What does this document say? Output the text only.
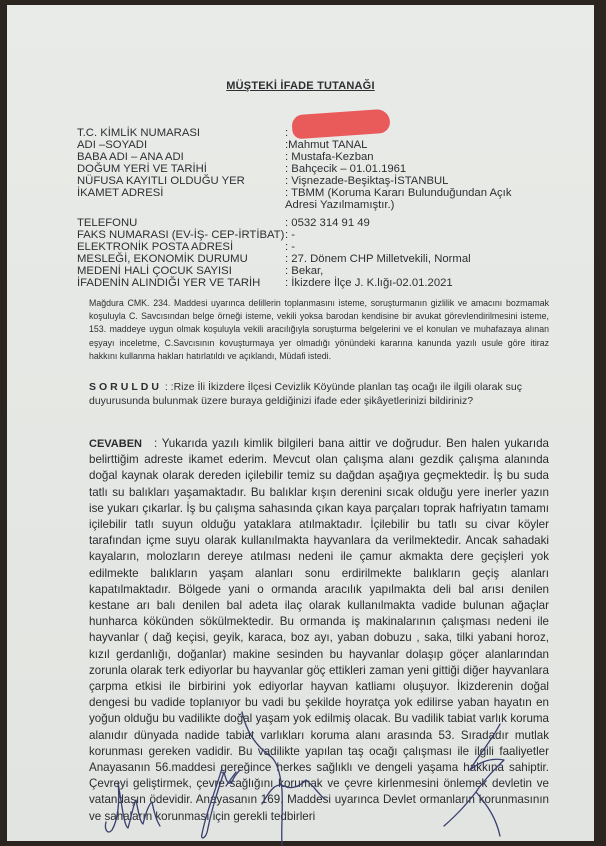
MÜŞTEKİ İFADE TUTANAĞI
T.C. KİMLİK NUMARASI
:
ADI –SOYADI	: Mahmut TANAL
BABA ADI – ANA ADI	: Mustafa-Kezban
DOĞUM YERİ VE TARİHİ	: Bahçecik – 01.01.1961
NÜFUSA KAYITLI OLDUĞU YER	: Vişnezade-Beşiktaş-İSTANBUL
İKAMET ADRESİ	: TBMM (Koruma Kararı Bulunduğundan Açık
Adresi Yazılmamıştır.)
TELEFONU	: 0532 314 91 49
FAKS NUMARASI (EV-İŞ- CEP-İRTİBAT) : -
ELEKTRONİK POSTA ADRESİ	: -
MESLEĞİ, EKONOMİK DURUMU	: 27. Dönem CHP Milletvekili, Normal
MEDENİ HALİ ÇOCUK SAYISI	: Bekar,
İFADENİN ALINDIĞI YER VE TARİH	: İkizdere İlçe J. K.lığı-02.01.2021
Mağdura CMK. 234. Maddesi uyarınca delillerin toplanmasını isteme, soruşturmanın gizlilik ve amacını bozmamak koşuluyla C. Savcısından belge örneği isteme, vekili yoksa barodan kendisine bir avukat görevlendirilmesini isteme, 153. maddeye uygun olmak koşuluyla vekili aracılığıyla soruşturma belgelerini ve el konulan ve muhafazaya alınan eşyayı inceletme, C.Savcısının kovuşturmaya yer olmadığı yönündeki kararına kanunda yazılı usule göre itiraz hakkını kullanma hakları hatırlatıldı ve açıklandı, Müdafi istedi.
SORULDU : :Rize İli İkizdere İlçesi Cevizlik Köyünde planlan taş ocağı ile ilgili olarak suç duyurusunda bulunmak üzere buraya geldiğinizi ifade eder şikâyetlerinizi bildiriniz?
CEVABEN : Yukarıda yazılı kimlik bilgileri bana aittir ve doğrudur. Ben halen yukarıda belirttiğim adreste ikamet ederim. Mevcut olan çalışma alanı gezdik çalışma alanında doğal kaynak olarak dereden içilebilir temiz su dağdan aşağıya geçmektedir. İş bu suda tatlı su balıkları yaşamaktadır. Bu balıklar kışın derenini sıcak olduğu yere inerler yazın ise yukarı çıkarlar. İş bu çalışma sahasında çıkan kaya parçaları toprak hafriyatın tamamı içilebilir tatlı suyun olduğu yataklara atılmaktadır. İçilebilir bu tatlı su civar köyler tarafından içme suyu olarak kullanılmakta hayvanlara da verilmektedir. Ancak sahadaki kayaların, molozların dereye atılması nedeni ile çamur akmakta dere geçişleri yok edilmekte balıkların yaşam alanları sonu erdirilmekte balıkların geçiş alanları kapatılmaktadır. Bölgede yani o ormanda aracılık yapılmakta deli bal arısı denilen kestane arı balı denilen bal adeta ilaç olarak kullanılmakta vadide bulunan ağaçlar hunharca kökünden sökülmektedir. Bu ormanda iş makinalarının çalışması nedeni ile hayvanlar ( dağ keçisi, geyik, karaca, boz ayı, yaban dobuzu , saka, tilki yabani horoz, kızıl gerdanlığı, doğanlar) makine sesinden bu hayvanlar dolaşıp göçer alanlarından zorunla olarak terk ediyorlar bu hayvanlar göç ettikleri zaman yeni gittiği diğer hayvanlara çarpma etkisi ile birbirini yok ediyorlar hayvan katliamı oluşuyor. İkizderenin doğal dengesi bu vadide toplanıyor bu vadi bu şekilde hoyratça yok edilirse yaban hayatın en yoğun olduğu bu vadilikte doğal yaşam yok edilmiş olacak. Bu vadilik tabiat varlık koruma alanıdır dünyada nadide tabiat varlıkları koruma alanı arasında 53. Sıradadır mutlak korunması gereken vadidir. Bu vadilikte yapılan taş ocağı çalışması ile ilgili faaliyetler Anayasanın 56.maddesi gereğince herkes sağlıklı ve dengeli yaşama hakkına sahiptir. Çevreyi geliştirmek, çevre sağlığını korumak ve çevre kirlenmesini önlemek devletin ve vatandaşın ödevidir. Anayasanın 169. Maddesi uyarınca Devlet ormanların korunmasının ve sahaların korunması için gerekli tedbirleri
